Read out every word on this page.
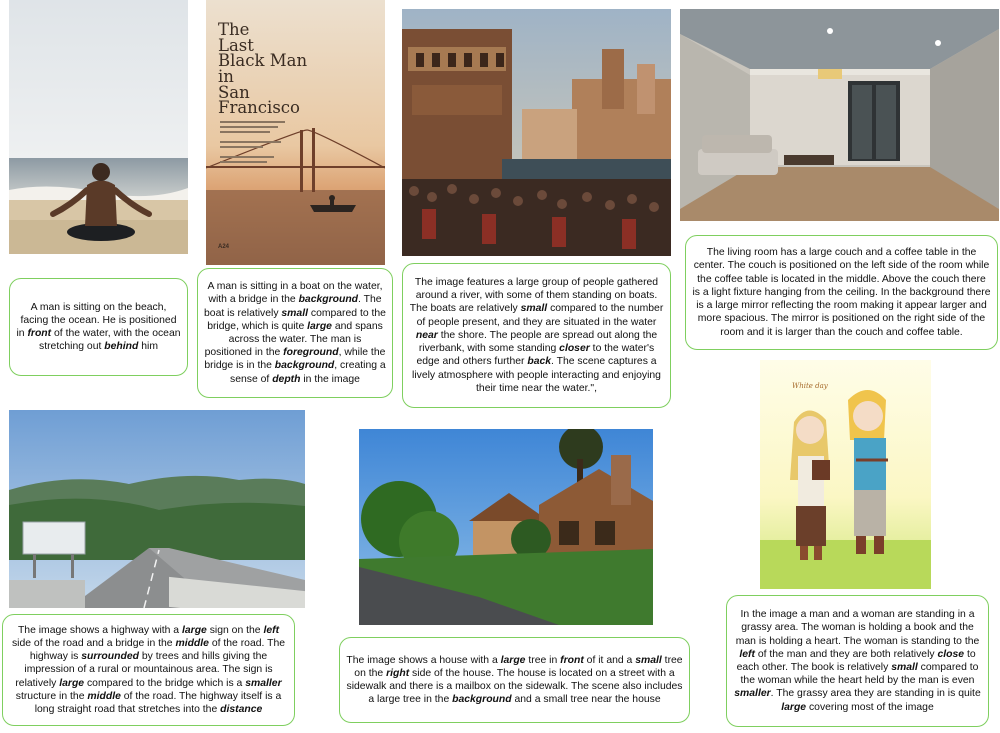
A man is sitting on the beach, facing the ocean. He is positioned in front of the water, with the ocean stretching out behind him

The
Last
Black Man
in
San
Francisco
A24

A man is sitting in a boat on the water, with a bridge in the background. The boat is relatively small compared to the bridge, which is quite large and spans across the water. The man is positioned in the foreground, while the bridge is in the background, creating a sense of depth in the image

The image features a large group of people gathered around a river, with some of them standing on boats. The boats are relatively small compared to the number of people present, and they are situated in the water near the shore. The people are spread out along the riverbank, with some standing closer to the water's edge and others further back. The scene captures a lively atmosphere with people interacting and enjoying their time near the water.",

The living room has a large couch and a coffee table in the center. The couch is positioned on the left side of the room while the coffee table is located in the middle. Above the couch there is a light fixture hanging from the ceiling. In the background there is a large mirror reflecting the room making it appear larger and more spacious. The mirror is positioned on the right side of the room and it is larger than the couch and coffee table.

The image shows a highway with a large sign on the left side of the road and a bridge in the middle of the road. The highway is surrounded by trees and hills giving the impression of a rural or mountainous area. The sign is relatively large compared to the bridge which is a smaller structure in the middle of the road. The highway itself is a long straight road that stretches into the distance

The image shows a house with a large tree in front of it and a small tree on the right side of the house. The house is located on a street with a sidewalk and there is a mailbox on the sidewalk. The scene also includes a large tree in the background and a small tree near the house

White day

In the image a man and a woman are standing in a grassy area. The woman is holding a book and the man is holding a heart. The woman is standing to the left of the man and they are both relatively close to each other. The book is relatively small compared to the woman while the heart held by the man is even smaller. The grassy area they are standing in is quite large covering most of the image
